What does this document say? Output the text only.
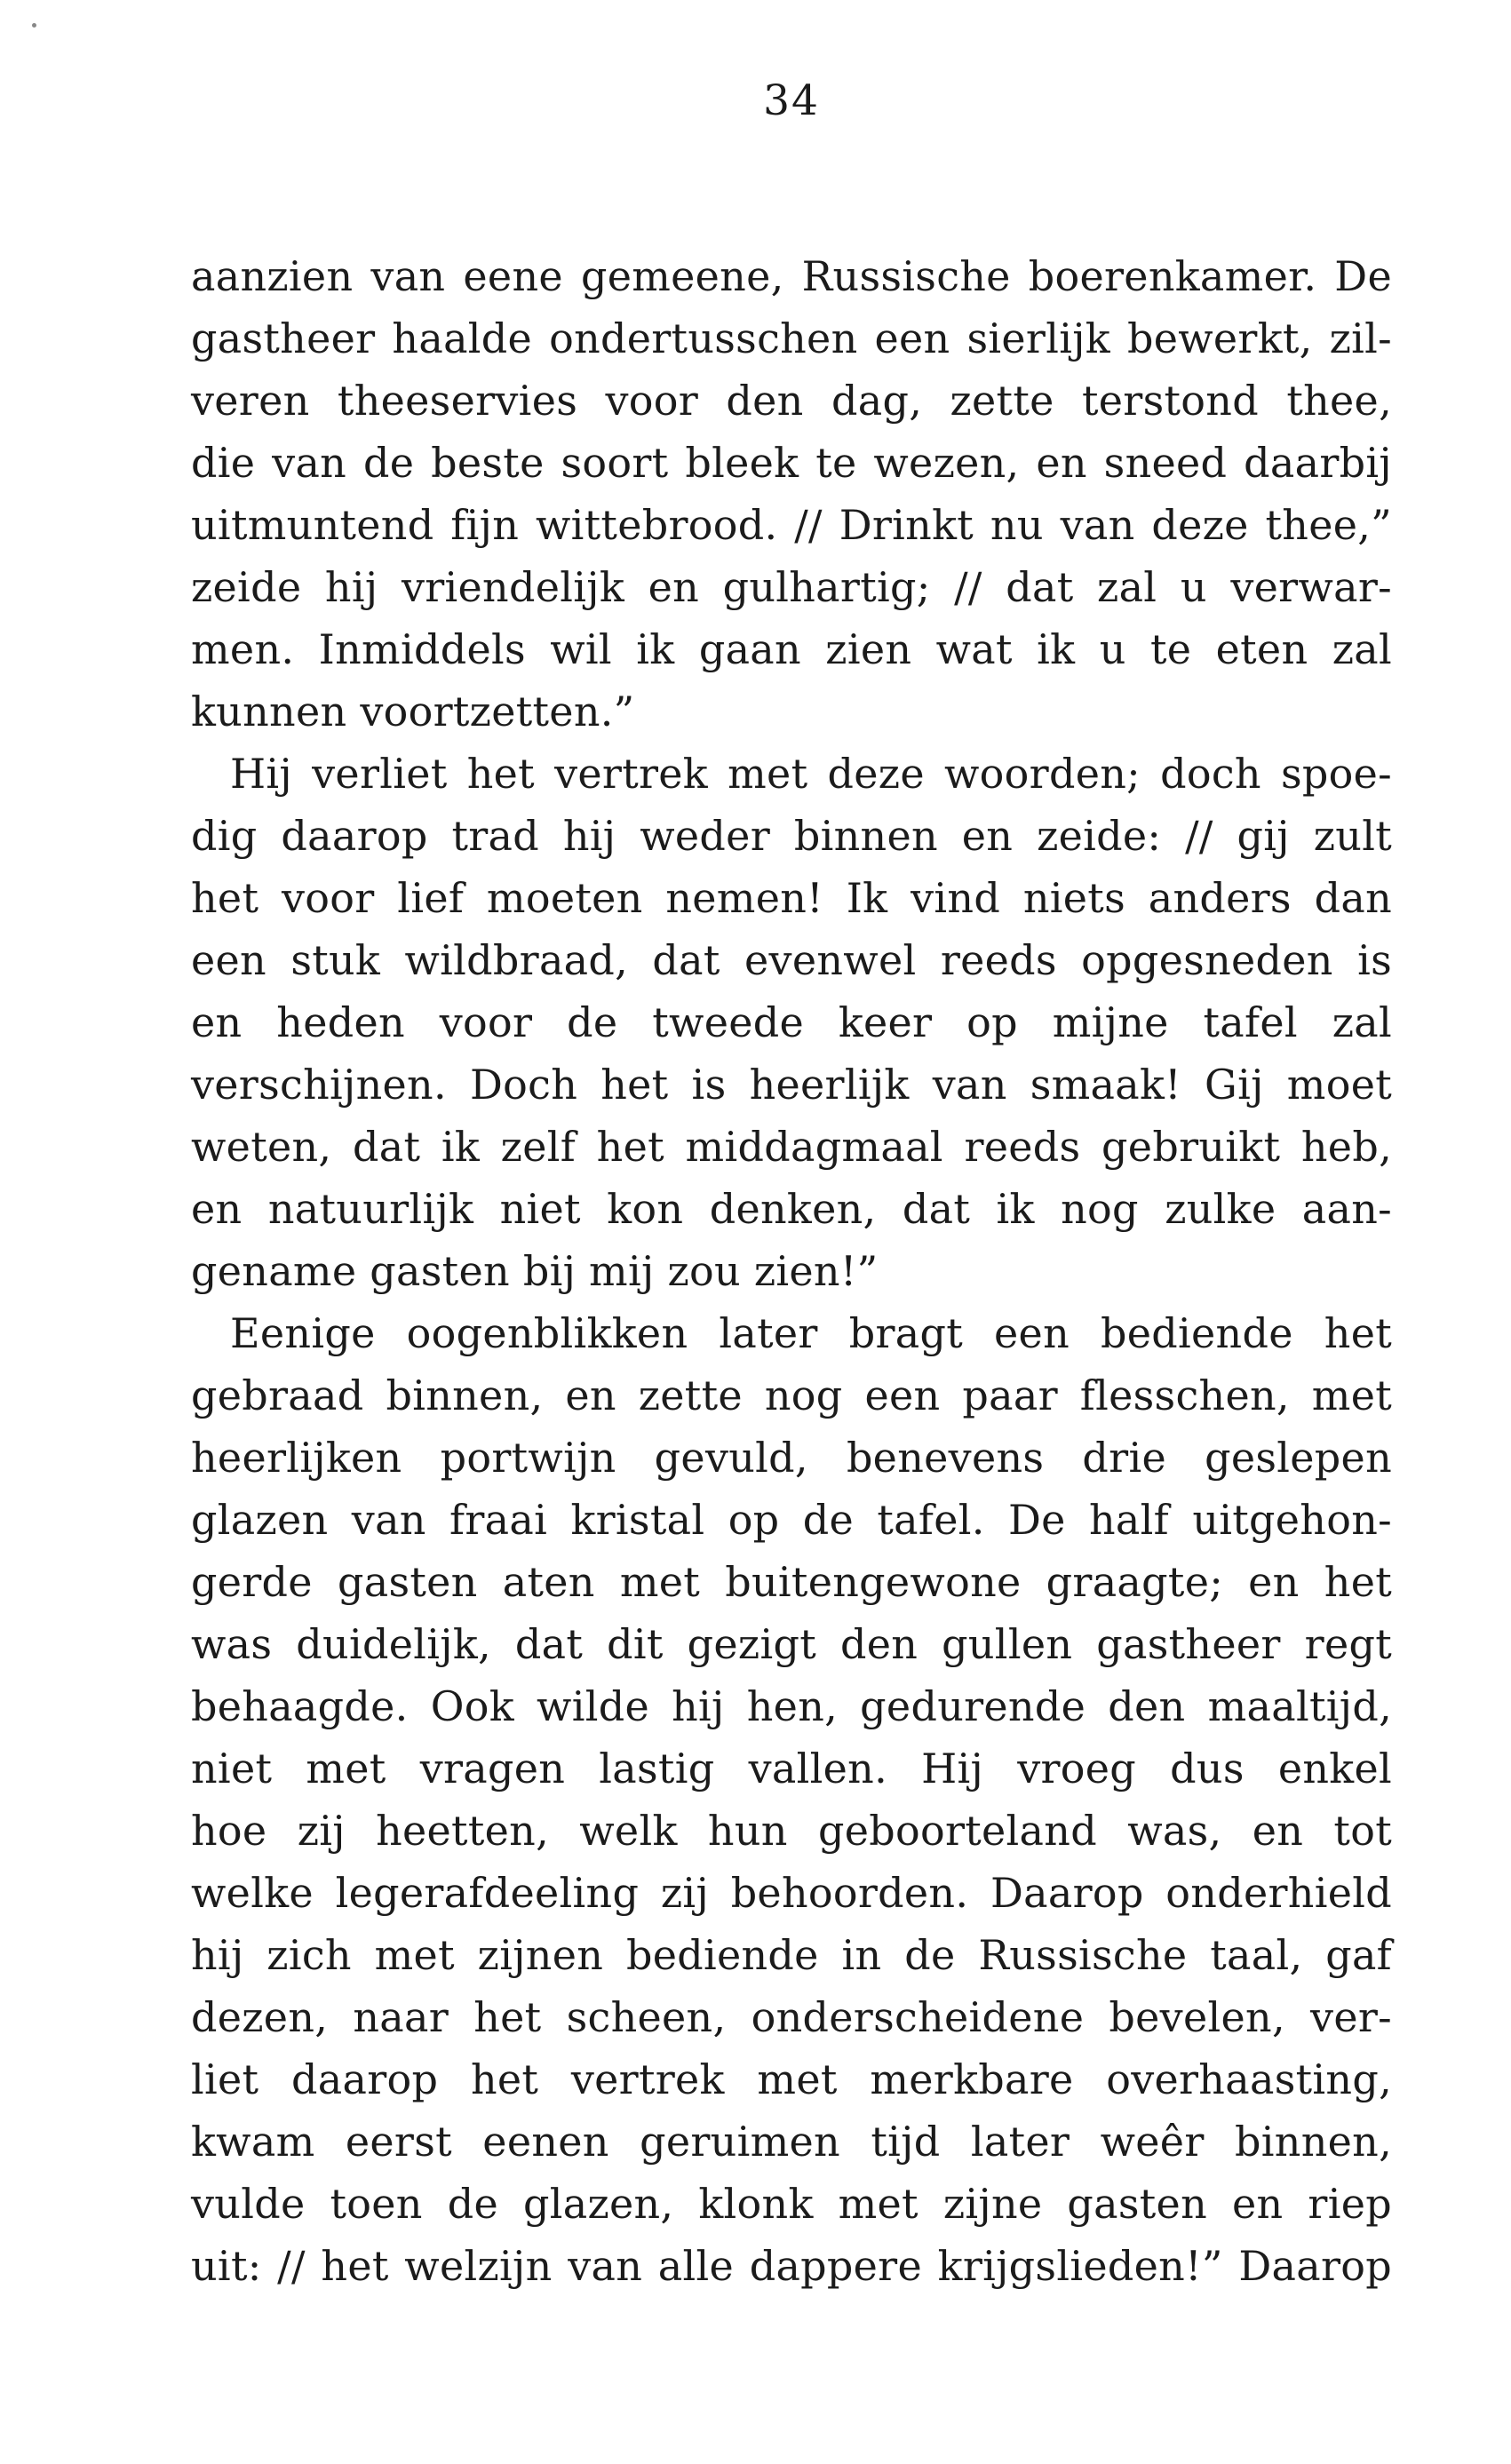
34
aanzien van eene gemeene, Russische boerenkamer. De
gastheer haalde ondertusschen een sierlijk bewerkt, zil-
veren theeservies voor den dag, zette terstond thee,
die van de beste soort bleek te wezen, en sneed daarbij
uitmuntend fijn wittebrood. // Drinkt nu van deze thee,”
zeide hij vriendelijk en gulhartig; // dat zal u verwar-
men. Inmiddels wil ik gaan zien wat ik u te eten zal
kunnen voortzetten.”
Hij verliet het vertrek met deze woorden; doch spoe-
dig daarop trad hij weder binnen en zeide: // gij zult
het voor lief moeten nemen! Ik vind niets anders dan
een stuk wildbraad, dat evenwel reeds opgesneden is
en heden voor de tweede keer op mijne tafel zal
verschijnen. Doch het is heerlijk van smaak! Gij moet
weten, dat ik zelf het middagmaal reeds gebruikt heb,
en natuurlijk niet kon denken, dat ik nog zulke aan-
gename gasten bij mij zou zien!”
Eenige oogenblikken later bragt een bediende het
gebraad binnen, en zette nog een paar flesschen, met
heerlijken portwijn gevuld, benevens drie geslepen
glazen van fraai kristal op de tafel. De half uitgehon-
gerde gasten aten met buitengewone graagte; en het
was duidelijk, dat dit gezigt den gullen gastheer regt
behaagde. Ook wilde hij hen, gedurende den maaltijd,
niet met vragen lastig vallen. Hij vroeg dus enkel
hoe zij heetten, welk hun geboorteland was, en tot
welke legerafdeeling zij behoorden. Daarop onderhield
hij zich met zijnen bediende in de Russische taal, gaf
dezen, naar het scheen, onderscheidene bevelen, ver-
liet daarop het vertrek met merkbare overhaasting,
kwam eerst eenen geruimen tijd later weêr binnen,
vulde toen de glazen, klonk met zijne gasten en riep
uit: // het welzijn van alle dappere krijgslieden!” Daarop
